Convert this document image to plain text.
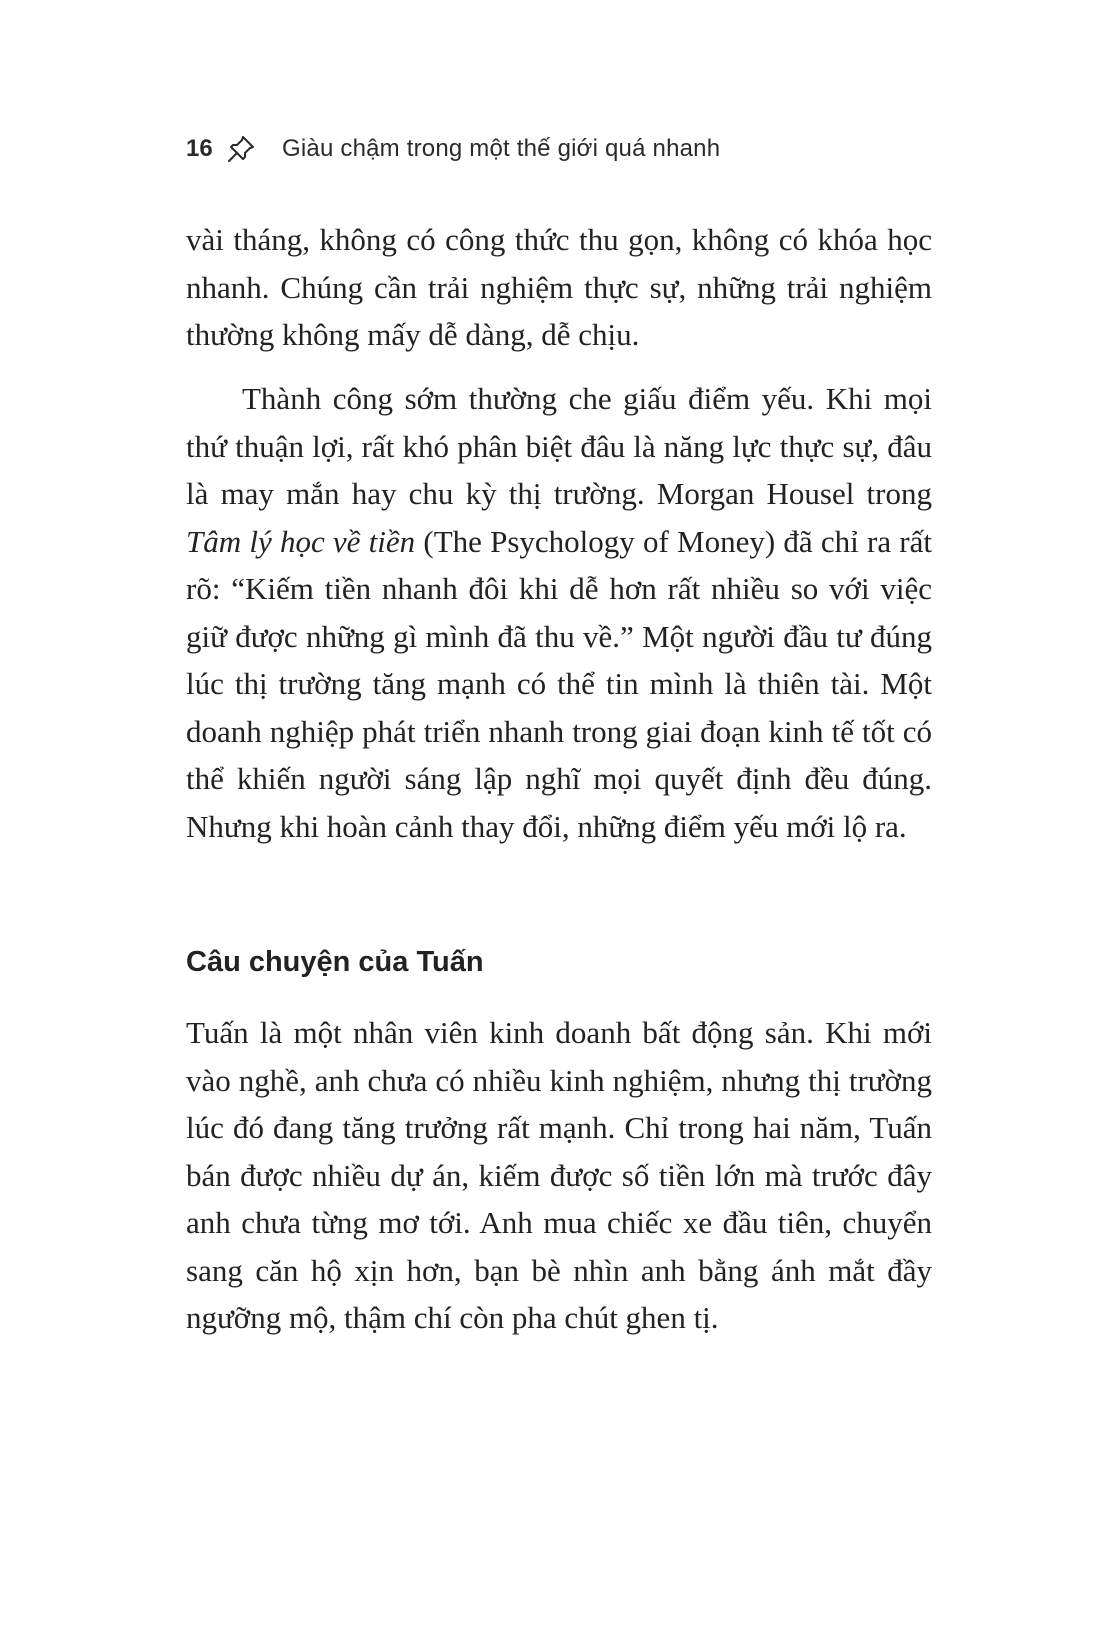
16	Giàu chậm trong một thế giới quá nhanh

vài tháng, không có công thức thu gọn, không có khóa học nhanh. Chúng cần trải nghiệm thực sự, những trải nghiệm thường không mấy dễ dàng, dễ chịu.

Thành công sớm thường che giấu điểm yếu. Khi mọi thứ thuận lợi, rất khó phân biệt đâu là năng lực thực sự, đâu là may mắn hay chu kỳ thị trường. Morgan Housel trong Tâm lý học về tiền (The Psychology of Money) đã chỉ ra rất rõ: “Kiếm tiền nhanh đôi khi dễ hơn rất nhiều so với việc giữ được những gì mình đã thu về.” Một người đầu tư đúng lúc thị trường tăng mạnh có thể tin mình là thiên tài. Một doanh nghiệp phát triển nhanh trong giai đoạn kinh tế tốt có thể khiến người sáng lập nghĩ mọi quyết định đều đúng. Nhưng khi hoàn cảnh thay đổi, những điểm yếu mới lộ ra.

Câu chuyện của Tuấn

Tuấn là một nhân viên kinh doanh bất động sản. Khi mới vào nghề, anh chưa có nhiều kinh nghiệm, nhưng thị trường lúc đó đang tăng trưởng rất mạnh. Chỉ trong hai năm, Tuấn bán được nhiều dự án, kiếm được số tiền lớn mà trước đây anh chưa từng mơ tới. Anh mua chiếc xe đầu tiên, chuyển sang căn hộ xịn hơn, bạn bè nhìn anh bằng ánh mắt đầy ngưỡng mộ, thậm chí còn pha chút ghen tị.
